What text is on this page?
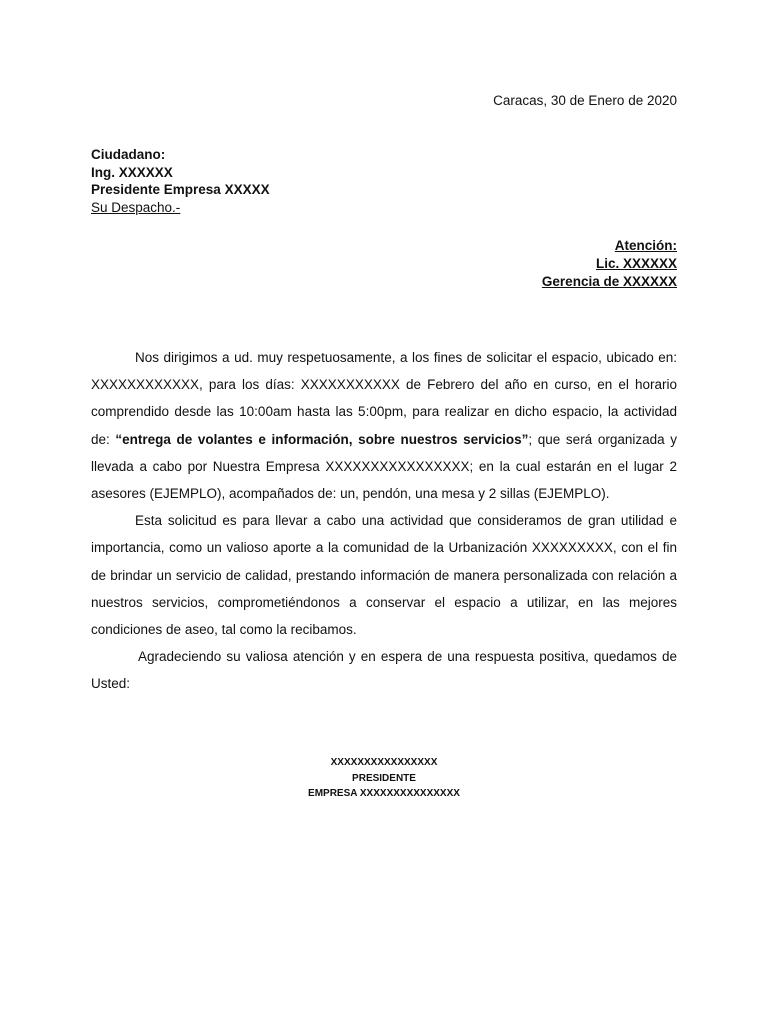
Caracas, 30 de Enero de 2020
Ciudadano:
Ing. XXXXXX
Presidente Empresa XXXXX
Su Despacho.-
Atención:
Lic. XXXXXX
Gerencia de XXXXXX

Nos dirigimos a ud. muy respetuosamente, a los fines de solicitar el espacio, ubicado en: XXXXXXXXXXXX, para los días: XXXXXXXXXXX de Febrero del año en curso, en el horario comprendido desde las 10:00am hasta las 5:00pm, para realizar en dicho espacio, la actividad de: “entrega de volantes e información, sobre nuestros servicios”; que será organizada y llevada a cabo por Nuestra Empresa XXXXXXXXXXXXXXXX; en la cual estarán en el lugar 2 asesores (EJEMPLO), acompañados de: un, pendón, una mesa y 2 sillas (EJEMPLO).

Esta solicitud es para llevar a cabo una actividad que consideramos de gran utilidad e importancia, como un valioso aporte a la comunidad de la Urbanización XXXXXXXXX, con el fin de brindar un servicio de calidad, prestando información de manera personalizada con relación a nuestros servicios, comprometiéndonos a conservar el espacio a utilizar, en las mejores condiciones de aseo, tal como la recibamos.

Agradeciendo su valiosa atención y en espera de una respuesta positiva, quedamos de Usted:

XXXXXXXXXXXXXXXX
PRESIDENTE
EMPRESA XXXXXXXXXXXXXXX
